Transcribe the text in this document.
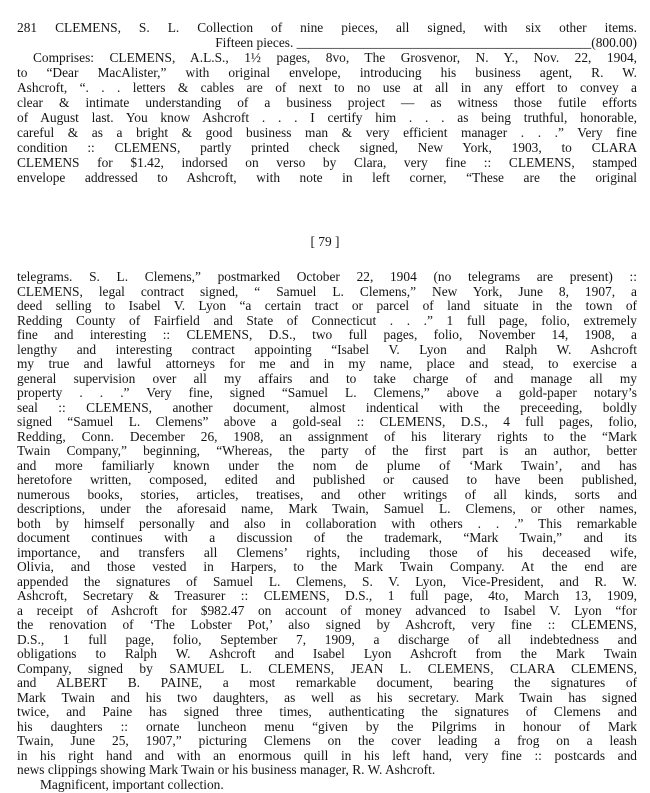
281 CLEMENS, S. L. Collection of nine pieces, all signed, with six other items.
Fifteen pieces. ____________________________________________(800.00)
Comprises: CLEMENS, A.L.S., 1½ pages, 8vo, The Grosvenor, N. Y., Nov. 22, 1904,
to “Dear MacAlister,” with original envelope, introducing his business agent, R. W.
Ashcroft, “. . . letters & cables are of next to no use at all in any effort to convey a
clear & intimate understanding of a business project — as witness those futile efforts
of August last. You know Ashcroft . . . I certify him . . . as being truthful, honorable,
careful & as a bright & good business man & very efficient manager . . .” Very fine
condition :: CLEMENS, partly printed check signed, New York, 1903, to CLARA
CLEMENS for $1.42, indorsed on verso by Clara, very fine :: CLEMENS, stamped
envelope addressed to Ashcroft, with note in left corner, “These are the original
[ 79 ]
telegrams. S. L. Clemens,” postmarked October 22, 1904 (no telegrams are present) ::
CLEMENS, legal contract signed, “ Samuel L. Clemens,” New York, June 8, 1907, a
deed selling to Isabel V. Lyon “a certain tract or parcel of land situate in the town of
Redding County of Fairfield and State of Connecticut . . .” 1 full page, folio, extremely
fine and interesting :: CLEMENS, D.S., two full pages, folio, November 14, 1908, a
lengthy and interesting contract appointing “Isabel V. Lyon and Ralph W. Ashcroft
my true and lawful attorneys for me and in my name, place and stead, to exercise a
general supervision over all my affairs and to take charge of and manage all my
property . . .” Very fine, signed “Samuel L. Clemens,” above a gold-paper notary’s
seal :: CLEMENS, another document, almost indentical with the preceeding, boldly
signed “Samuel L. Clemens” above a gold-seal :: CLEMENS, D.S., 4 full pages, folio,
Redding, Conn. December 26, 1908, an assignment of his literary rights to the “Mark
Twain Company,” beginning, “Whereas, the party of the first part is an author, better
and more familiarly known under the nom de plume of ‘Mark Twain’, and has
heretofore written, composed, edited and published or caused to have been published,
numerous books, stories, articles, treatises, and other writings of all kinds, sorts and
descriptions, under the aforesaid name, Mark Twain, Samuel L. Clemens, or other names,
both by himself personally and also in collaboration with others . . .” This remarkable
document continues with a discussion of the trademark, “Mark Twain,” and its
importance, and transfers all Clemens’ rights, including those of his deceased wife,
Olivia, and those vested in Harpers, to the Mark Twain Company. At the end are
appended the signatures of Samuel L. Clemens, S. V. Lyon, Vice-President, and R. W.
Ashcroft, Secretary & Treasurer :: CLEMENS, D.S., 1 full page, 4to, March 13, 1909,
a receipt of Ashcroft for $982.47 on account of money advanced to Isabel V. Lyon “for
the renovation of ‘The Lobster Pot,’ also signed by Ashcroft, very fine :: CLEMENS,
D.S., 1 full page, folio, September 7, 1909, a discharge of all indebtedness and
obligations to Ralph W. Ashcroft and Isabel Lyon Ashcroft from the Mark Twain
Company, signed by SAMUEL L. CLEMENS, JEAN L. CLEMENS, CLARA CLEMENS,
and ALBERT B. PAINE, a most remarkable document, bearing the signatures of
Mark Twain and his two daughters, as well as his secretary. Mark Twain has signed
twice, and Paine has signed three times, authenticating the signatures of Clemens and
his daughters :: ornate luncheon menu “given by the Pilgrims in honour of Mark
Twain, June 25, 1907,” picturing Clemens on the cover leading a frog on a leash
in his right hand and with an enormous quill in his left hand, very fine :: postcards and
news clippings showing Mark Twain or his business manager, R. W. Ashcroft.
Magnificent, important collection.
